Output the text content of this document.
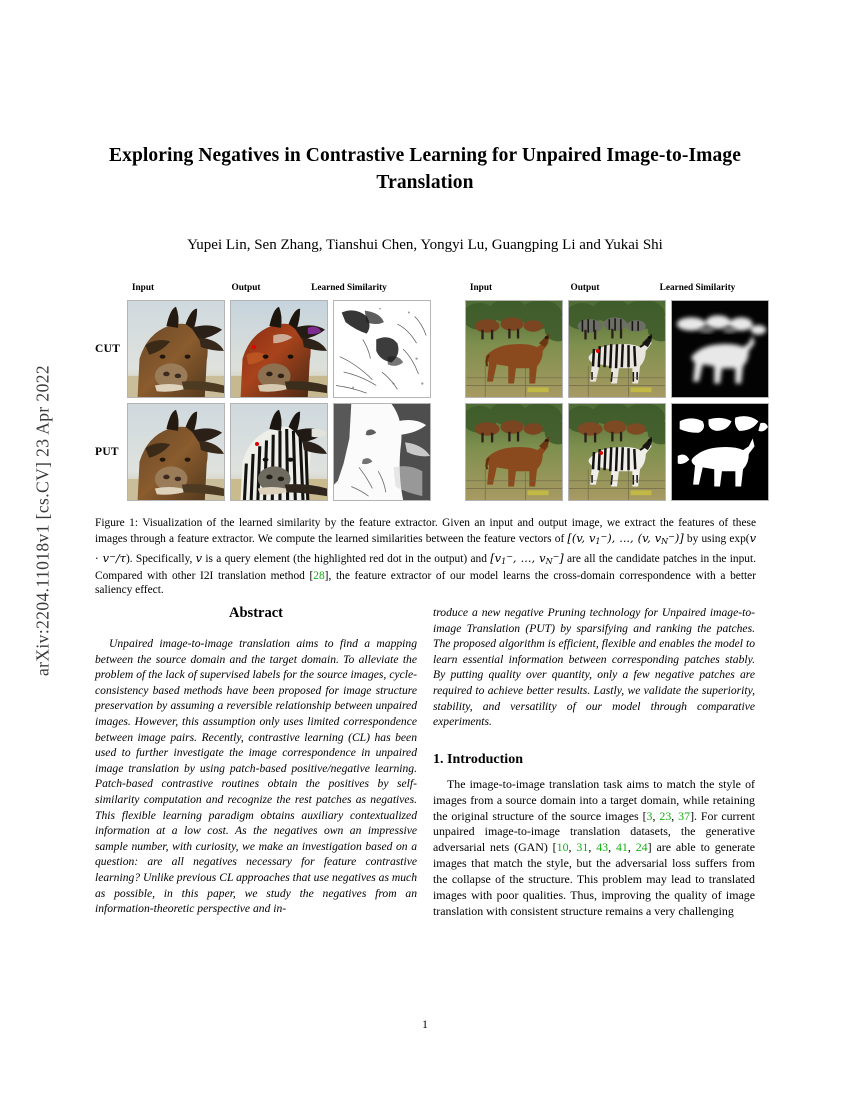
arXiv:2204.11018v1 [cs.CV] 23 Apr 2022
Exploring Negatives in Contrastive Learning for Unpaired Image-to-Image Translation
Yupei Lin, Sen Zhang, Tianshui Chen, Yongyi Lu, Guangping Li and Yukai Shi
Input	Output	Learned Similarity	Input	Output	Learned Similarity
CUT
PUT
Figure 1: Visualization of the learned similarity by the feature extractor. Given an input and output image, we extract the features of these images through a feature extractor. We compute the learned similarities between the feature vectors of [(v, v1−), ..., (v, vN−)] by using exp(v · v−/τ). Specifically, v is a query element (the highlighted red dot in the output) and [v1−, ..., vN−] are all the candidate patches in the input. Compared with other I2I translation method [28], the feature extractor of our model learns the cross-domain correspondence with a better saliency effect.
Abstract

Unpaired image-to-image translation aims to find a mapping between the source domain and the target domain. To alleviate the problem of the lack of supervised labels for the source images, cycle-consistency based methods have been proposed for image structure preservation by assuming a reversible relationship between unpaired images. However, this assumption only uses limited correspondence between image pairs. Recently, contrastive learning (CL) has been used to further investigate the image correspondence in unpaired image translation by using patch-based positive/negative learning. Patch-based contrastive routines obtain the positives by self-similarity computation and recognize the rest patches as negatives. This flexible learning paradigm obtains auxiliary contextualized information at a low cost. As the negatives own an impressive sample number, with curiosity, we make an investigation based on a question: are all negatives necessary for feature contrastive learning? Unlike previous CL approaches that use negatives as much as possible, in this paper, we study the negatives from an information-theoretic perspective and in-

troduce a new negative Pruning technology for Unpaired image-to-image Translation (PUT) by sparsifying and ranking the patches. The proposed algorithm is efficient, flexible and enables the model to learn essential information between corresponding patches stably. By putting quality over quantity, only a few negative patches are required to achieve better results. Lastly, we validate the superiority, stability, and versatility of our model through comparative experiments.

1. Introduction

The image-to-image translation task aims to match the style of images from a source domain into a target domain, while retaining the original structure of the source images [3, 23, 37]. For current unpaired image-to-image translation datasets, the generative adversarial nets (GAN) [10, 31, 43, 41, 24] are able to generate images that match the style, but the adversarial loss suffers from the collapse of the structure. This problem may lead to translated images with poor qualities. Thus, improving the quality of image translation with consistent structure remains a very challenging

1
